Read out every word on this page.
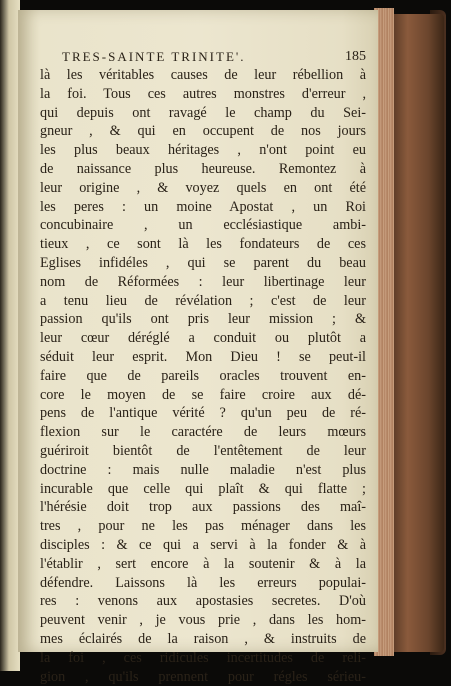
TRES-SAINTE TRINITE'.	185
là les véritables causes de leur rébellion à
la foi. Tous ces autres monstres d'erreur ,
qui depuis ont ravagé le champ du Sei-
gneur , & qui en occupent de nos jours
les plus beaux héritages , n'ont point eu
de naissance plus heureuse. Remontez à
leur origine , & voyez quels en ont été
les peres : un moine Apostat , un Roi
concubinaire , un ecclésiastique ambi-
tieux , ce sont là les fondateurs de ces
Eglises infidéles , qui se parent du beau
nom de Réformées : leur libertinage leur
a tenu lieu de révélation ; c'est de leur
passion qu'ils ont pris leur mission ; &
leur cœur déréglé a conduit ou plutôt a
séduit leur esprit. Mon Dieu ! se peut-il
faire que de pareils oracles trouvent en-
core le moyen de se faire croire aux dé-
pens de l'antique vérité ? qu'un peu de ré-
flexion sur le caractére de leurs mœurs
guériroit bientôt de l'entêtement de leur
doctrine : mais nulle maladie n'est plus
incurable que celle qui plaît & qui flatte ;
l'hérésie doit trop aux passions des maî-
tres , pour ne les pas ménager dans les
disciples : & ce qui a servi à la fonder & à
l'établir , sert encore à la soutenir & à la
défendre. Laissons là les erreurs populai-
res : venons aux apostasies secretes. D'où
peuvent venir , je vous prie , dans les hom-
mes éclairés de la raison , & instruits de
la foi , ces ridicules incertitudes de reli-
gion , qu'ils prennent pour régles sérieu-
